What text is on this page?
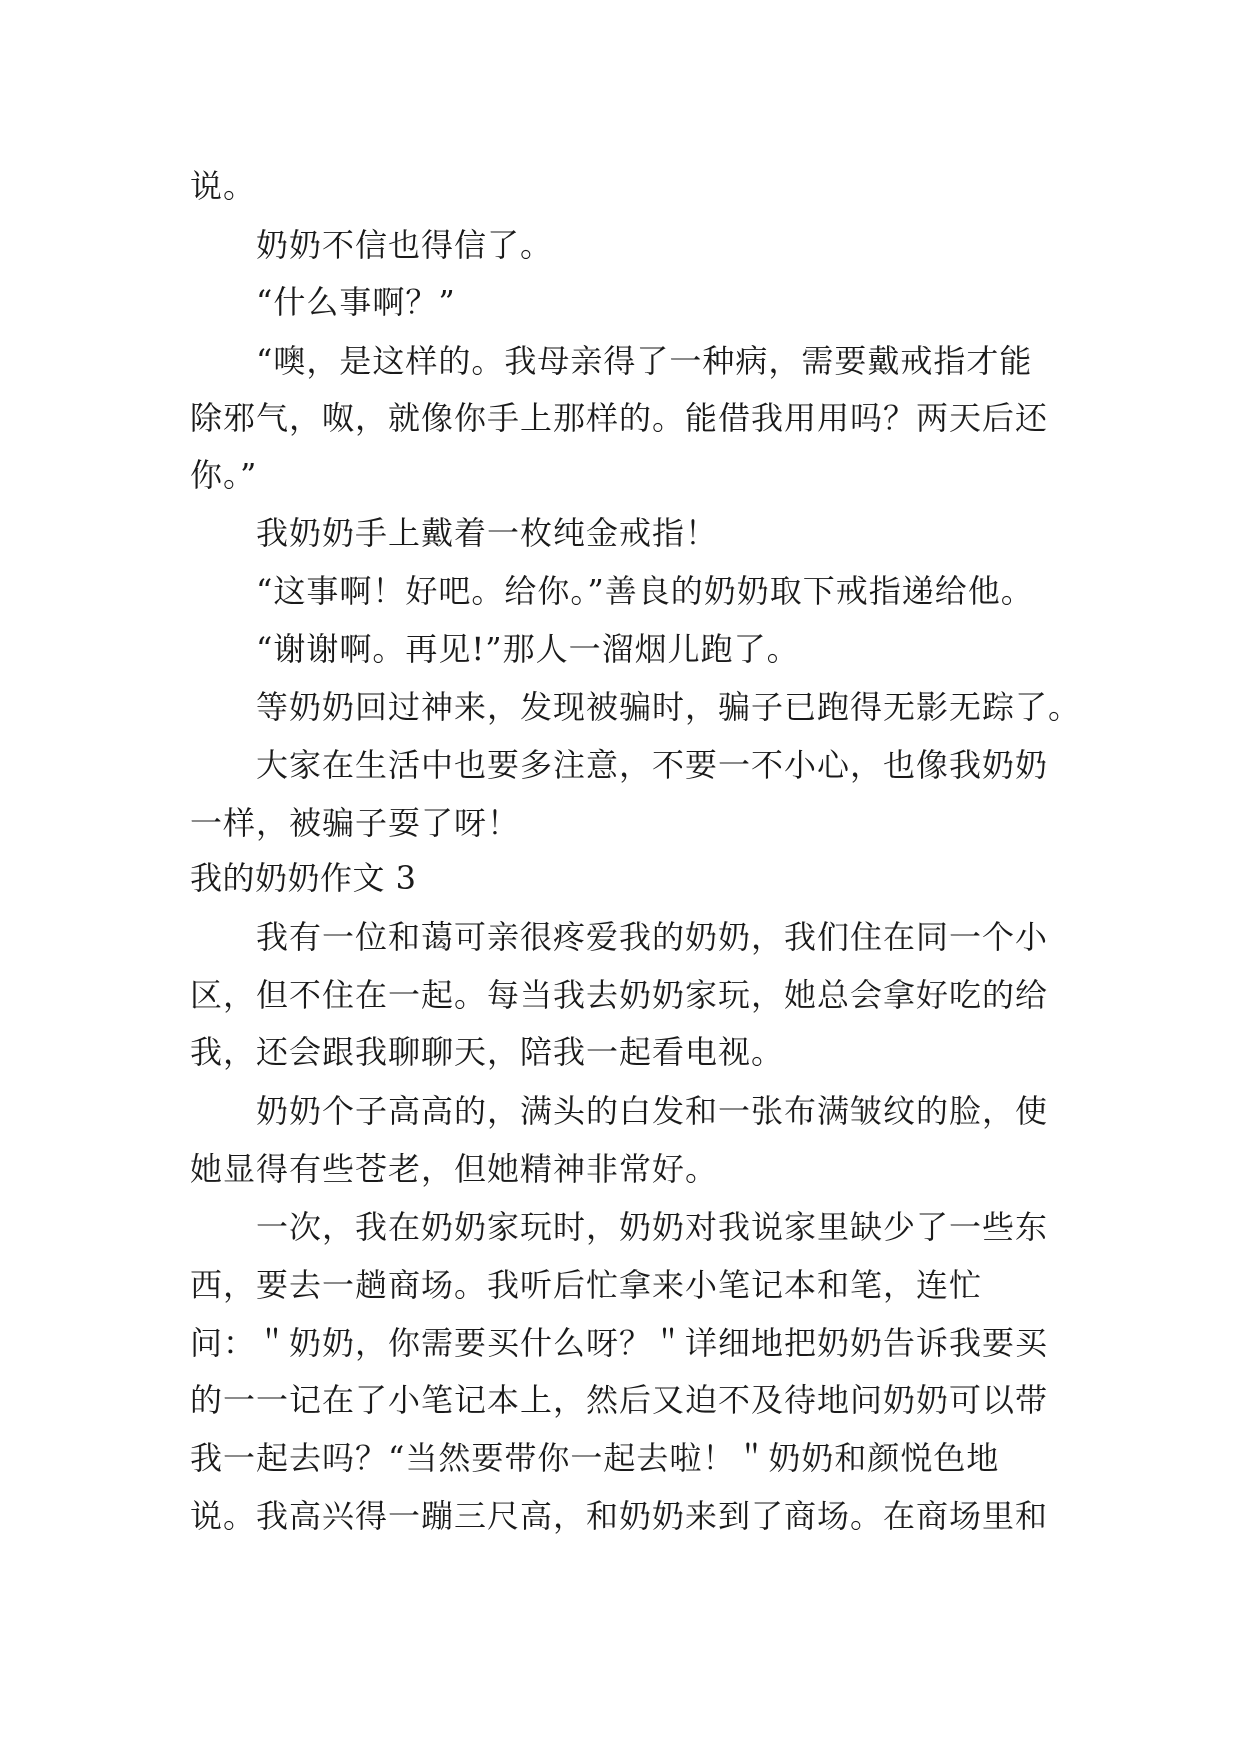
说。
奶奶不信也得信了。
“什么事啊？”
“噢，是这样的。我母亲得了一种病，需要戴戒指才能
除邪气，呶，就像你手上那样的。能借我用用吗？两天后还
你。”
我奶奶手上戴着一枚纯金戒指！
“这事啊！好吧。给你。”善良的奶奶取下戒指递给他。
“谢谢啊。再见!”那人一溜烟儿跑了。
等奶奶回过神来，发现被骗时，骗子已跑得无影无踪了。
大家在生活中也要多注意，不要一不小心，也像我奶奶
一样，被骗子耍了呀！
我的奶奶作文 3
我有一位和蔼可亲很疼爱我的奶奶，我们住在同一个小
区，但不住在一起。每当我去奶奶家玩，她总会拿好吃的给
我，还会跟我聊聊天，陪我一起看电视。
奶奶个子高高的，满头的白发和一张布满皱纹的脸，使
她显得有些苍老，但她精神非常好。
一次，我在奶奶家玩时，奶奶对我说家里缺少了一些东
西，要去一趟商场。我听后忙拿来小笔记本和笔，连忙
问：＂奶奶，你需要买什么呀？＂详细地把奶奶告诉我要买
的一一记在了小笔记本上，然后又迫不及待地问奶奶可以带
我一起去吗？“当然要带你一起去啦！＂奶奶和颜悦色地
说。我高兴得一蹦三尺高，和奶奶来到了商场。在商场里和
